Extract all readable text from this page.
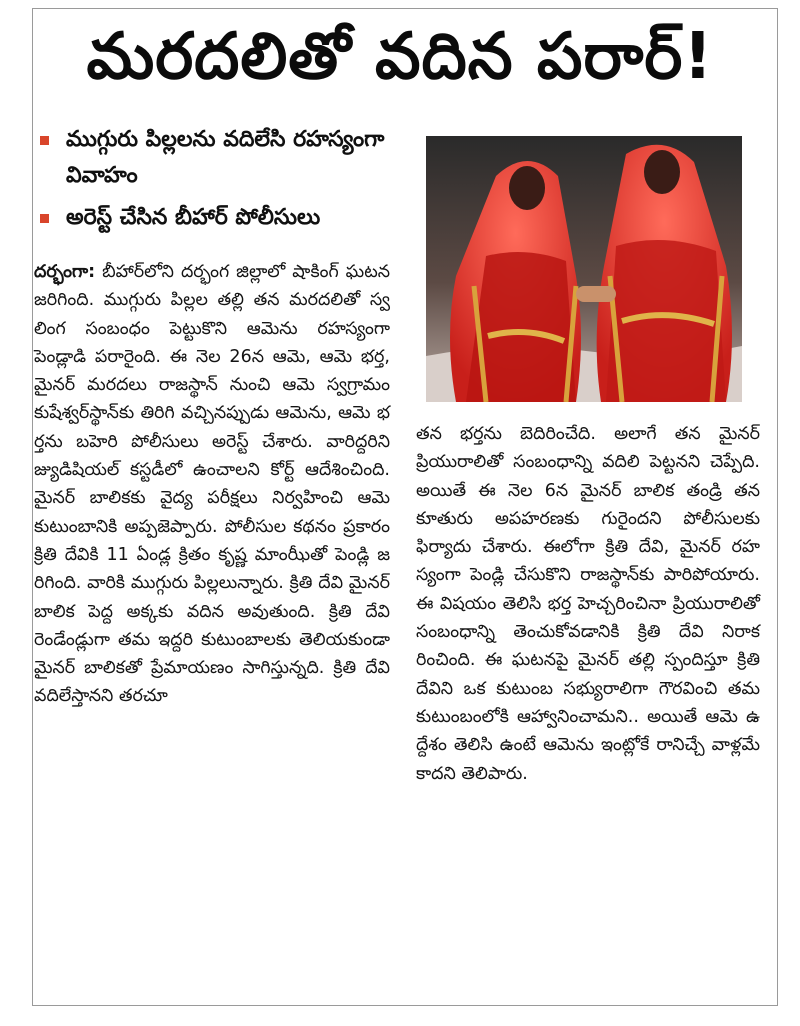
మరదలితో వదిన పరార్!
ముగ్గురు పిల్లలను వదిలేసి రహస్యంగా వివాహం
అరెస్ట్ చేసిన బీహార్ పోలీసులు
దర్భంగా: బీహార్‌లోని దర్భంగ జిల్లాలో షాకింగ్ ఘటన జరిగింది. ముగ్గురు పిల్లల తల్లి తన మరదలితో స్వలింగ సంబంధం పెట్టుకొని ఆమెను రహస్యంగా పెండ్లాడి పరారైంది. ఈ నెల 26న ఆమె, ఆమె భర్త, మైనర్ మరదలు రాజస్థాన్ నుంచి ఆమె స్వగ్రామం కుషేశ్వర్‌స్థాన్‌కు తిరిగి వచ్చినప్పుడు ఆమెను, ఆమె భర్తను బహెరి పోలీసులు అరెస్ట్ చేశారు. వారిద్దరిని జ్యుడిషియల్ కస్టడీలో ఉంచాలని కోర్ట్ ఆదేశించింది. మైనర్ బాలికకు వైద్య పరీక్షలు నిర్వహించి ఆమె కుటుంబానికి అప్పజెప్పారు. పోలీసుల కథనం ప్రకారం క్రితి దేవికి 11 ఏండ్ల క్రితం కృష్ణ మాంఝీతో పెండ్లి జరిగింది. వారికి ముగ్గురు పిల్లలున్నారు. క్రితి దేవి మైనర్ బాలిక పెద్ద అక్కకు వదిన అవుతుంది. క్రితి దేవి రెండేండ్లుగా తమ ఇద్దరి కుటుంబాలకు తెలియకుండా మైనర్ బాలికతో ప్రేమాయణం సాగిస్తున్నది. క్రితి దేవి వదిలేస్తానని తరచూ
తన భర్తను బెదిరించేది. అలాగే తన మైనర్ ప్రియురాలితో సంబంధాన్ని వదిలి పెట్టనని చెప్పేది. అయితే ఈ నెల 6న మైనర్ బాలిక తండ్రి తన కూతురు అపహరణకు గురైందని పోలీసులకు ఫిర్యాదు చేశారు. ఈలోగా క్రితి దేవి, మైనర్ రహస్యంగా పెండ్లి చేసుకొని రాజస్థాన్‌కు పారిపోయారు. ఈ విషయం తెలిసి భర్త హెచ్చరించినా ప్రియురాలితో సంబంధాన్ని తెంచుకోవడానికి క్రితి దేవి నిరాకరించింది. ఈ ఘటనపై మైనర్ తల్లి స్పందిస్తూ క్రితి దేవిని ఒక కుటుంబ సభ్యురాలిగా గౌరవించి తమ కుటుంబంలోకి ఆహ్వానించామని.. అయితే ఆమె ఉద్దేశం తెలిసి ఉంటే ఆమెను ఇంట్లోకే రానిచ్చే వాళ్లమే కాదని తెలిపారు.
